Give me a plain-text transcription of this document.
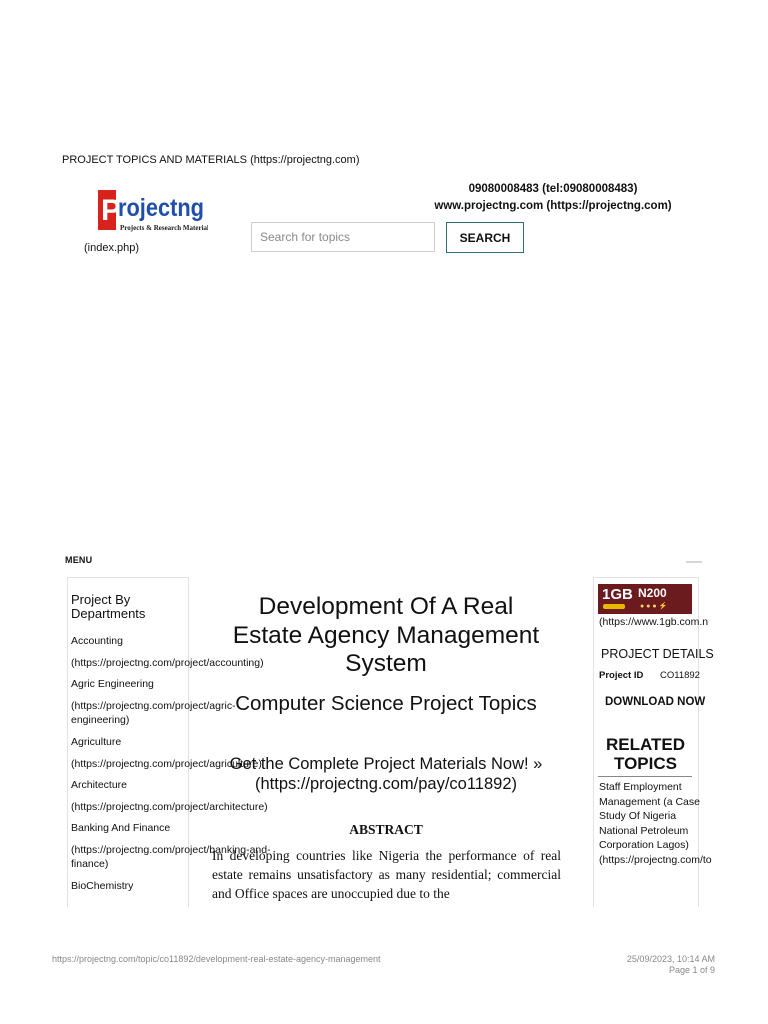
PROJECT TOPICS AND MATERIALS (https://projectng.com)
P
rojectng
Projects & Research Materials
(index.php)
Search for topics
SEARCH
09080008483 (tel:09080008483)
www.projectng.com (https://projectng.com)
MENU
Project By Departments
Accounting
(https://projectng.com/project/accounting)
Agric Engineering
(https://projectng.com/project/agric-engineering)
Agriculture
(https://projectng.com/project/agriculture)
Architecture
(https://projectng.com/project/architecture)
Banking And Finance
(https://projectng.com/project/banking-and-finance)
BioChemistry
Development Of A Real Estate Agency Management System
Computer Science Project Topics
Get the Complete Project Materials Now! » (https://projectng.com/pay/co11892)
ABSTRACT
In developing countries like Nigeria the performance of real estate remains unsatisfactory as many residential; commercial and Office spaces are unoccupied due to the
1GB N200
● ● ● ⚡
(https://www.1gb.com.n
PROJECT DETAILS
Project ID CO11892
DOWNLOAD NOW
RELATED TOPICS
Staff Employment Management (a Case Study Of Nigeria National Petroleum Corporation Lagos) (https://projectng.com/to
https://projectng.com/topic/co11892/development-real-estate-agency-management	25/09/2023, 10:14 AM
Page 1 of 9
